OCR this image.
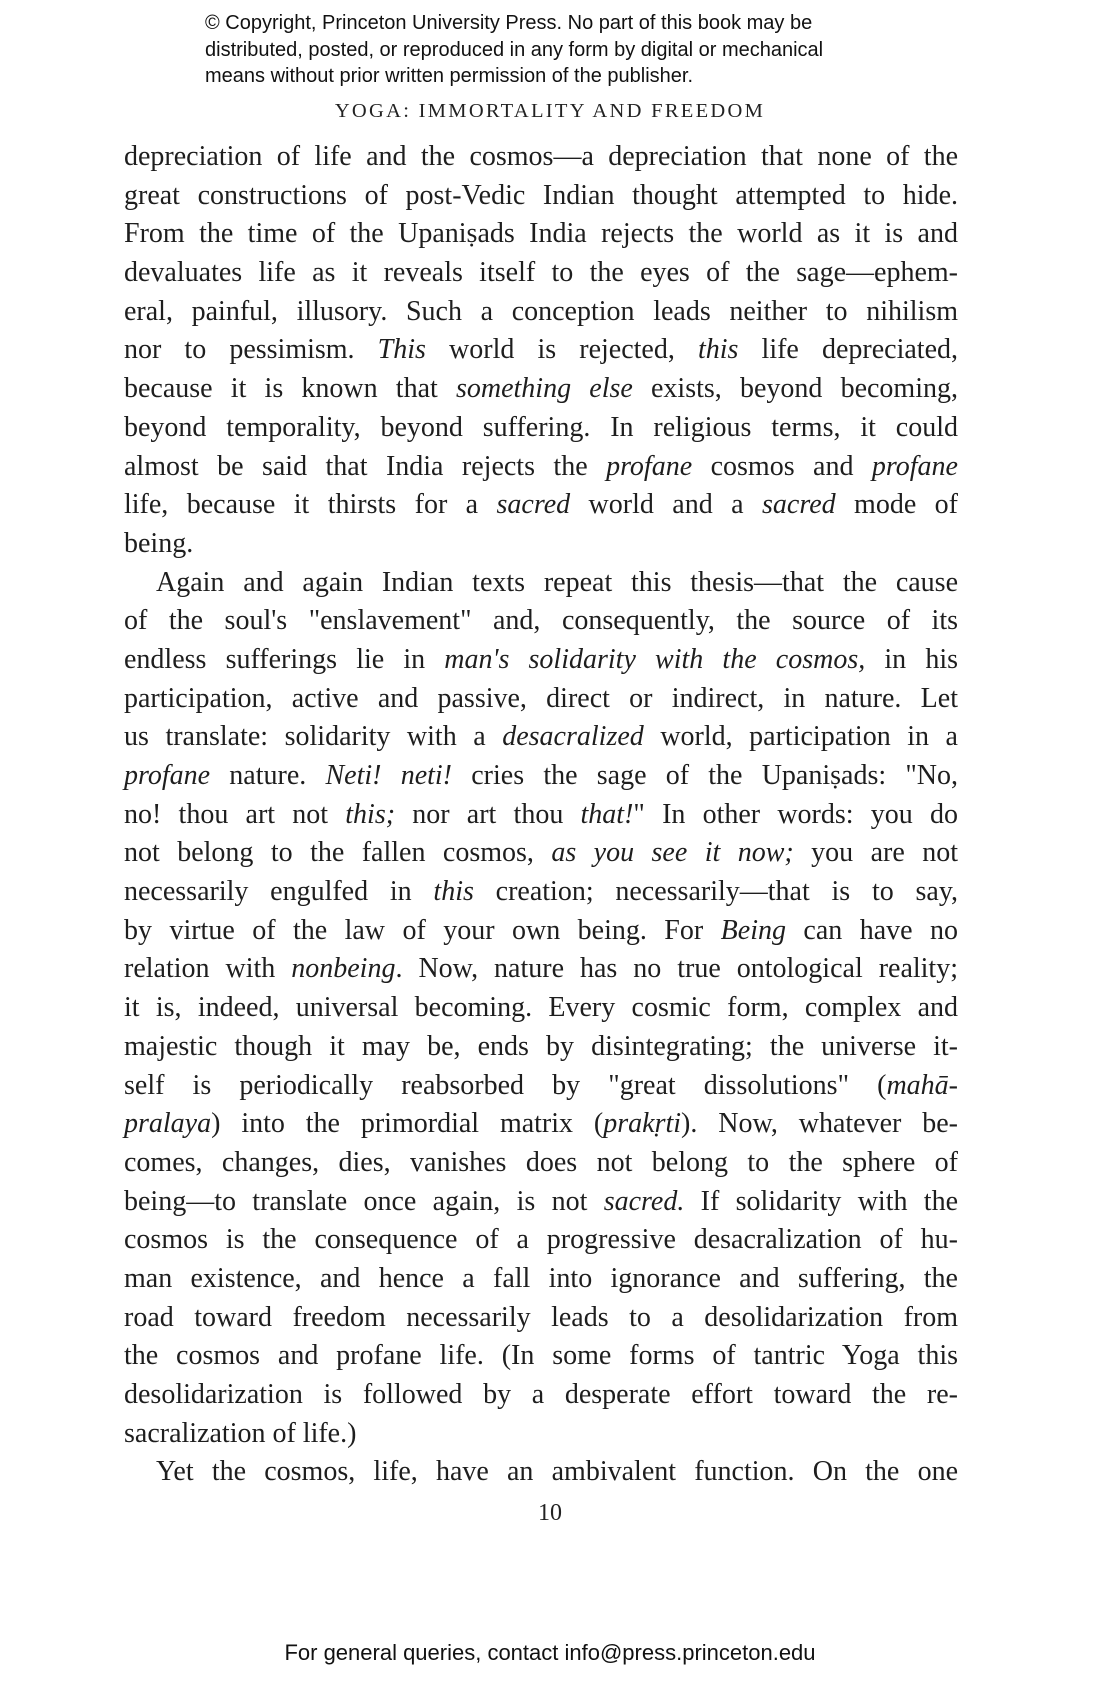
© Copyright, Princeton University Press. No part of this book may be
distributed, posted, or reproduced in any form by digital or mechanical
means without prior written permission of the publisher.
YOGA: IMMORTALITY AND FREEDOM
depreciation of life and the cosmos—a depreciation that none of the
great constructions of post-Vedic Indian thought attempted to hide.
From the time of the Upaniṣads India rejects the world as it is and
devaluates life as it reveals itself to the eyes of the sage—ephem-
eral, painful, illusory. Such a conception leads neither to nihilism
nor to pessimism. This world is rejected, this life depreciated,
because it is known that something else exists, beyond becoming,
beyond temporality, beyond suffering. In religious terms, it could
almost be said that India rejects the profane cosmos and profane
life, because it thirsts for a sacred world and a sacred mode of
being.
Again and again Indian texts repeat this thesis—that the cause
of the soul's "enslavement" and, consequently, the source of its
endless sufferings lie in man's solidarity with the cosmos, in his
participation, active and passive, direct or indirect, in nature. Let
us translate: solidarity with a desacralized world, participation in a
profane nature. Neti! neti! cries the sage of the Upaniṣads: "No,
no! thou art not this; nor art thou that!" In other words: you do
not belong to the fallen cosmos, as you see it now; you are not
necessarily engulfed in this creation; necessarily—that is to say,
by virtue of the law of your own being. For Being can have no
relation with nonbeing. Now, nature has no true ontological reality;
it is, indeed, universal becoming. Every cosmic form, complex and
majestic though it may be, ends by disintegrating; the universe it-
self is periodically reabsorbed by "great dissolutions" (mahā-
pralaya) into the primordial matrix (prakṛti). Now, whatever be-
comes, changes, dies, vanishes does not belong to the sphere of
being—to translate once again, is not sacred. If solidarity with the
cosmos is the consequence of a progressive desacralization of hu-
man existence, and hence a fall into ignorance and suffering, the
road toward freedom necessarily leads to a desolidarization from
the cosmos and profane life. (In some forms of tantric Yoga this
desolidarization is followed by a desperate effort toward the re-
sacralization of life.)
Yet the cosmos, life, have an ambivalent function. On the one
10
For general queries, contact info@press.princeton.edu
